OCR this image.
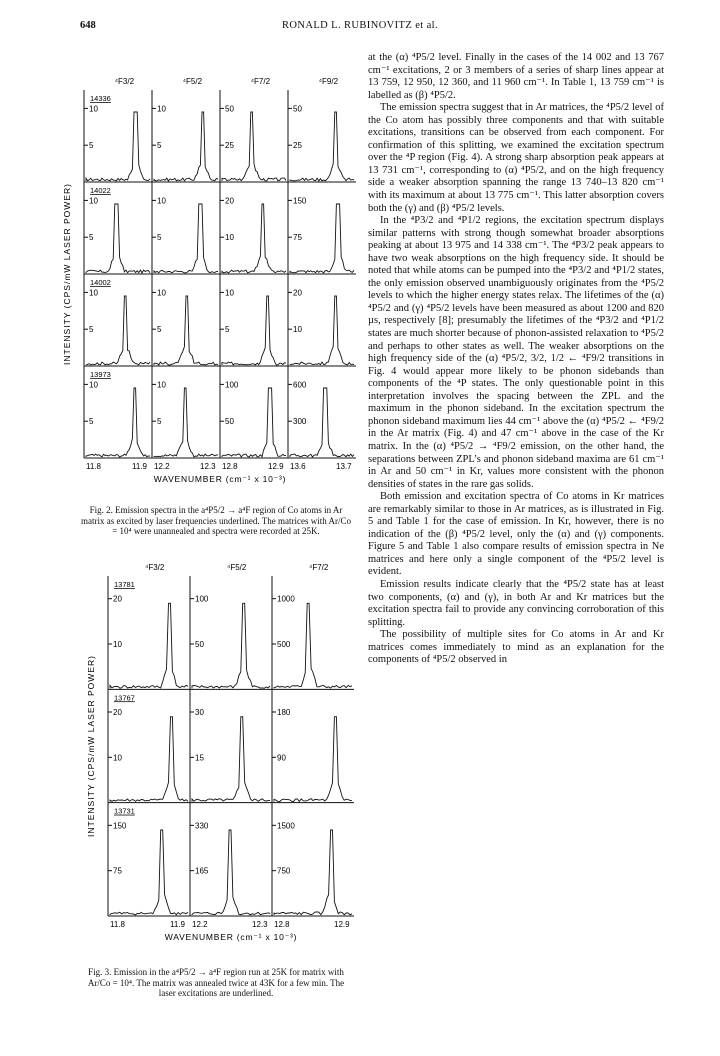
648	RONALD L. RUBINOVITZ et al.
⁴F3/2	⁴F5/2	⁴F7/2	⁴F9/2
INTENSITY (CPS/mW LASER POWER)
10
5
14336
10
5
14022
10
5
14002
10
5
13973
10
5
10
5
10
5
10
5
50
25
20
10
10
5
100
50
50
25
150
75
20
10
600
300
11.8	11.9 12.2	12.3 12.8	12.9 13.6	13.7
WAVENUMBER (cm⁻¹ x 10⁻³)
Fig. 2. Emission spectra in the a⁴P5/2 → a⁴F region of Co atoms in Ar matrix as excited by laser frequencies underlined. The matrices with Ar/Co = 10⁴ were unannealed and spectra were recorded at 25K.
⁴F3/2	⁴F5/2	⁴F7/2
INTENSITY (CPS/mW LASER POWER)
20
10
13781
20
10
13767
150
75
13731
100
50
30
15
330
165
1000
500
180
90
1500
750
11.8	11.9 12.2	12.3 12.8	12.9
WAVENUMBER (cm⁻¹ x 10⁻³)
Fig. 3. Emission in the a⁴P5/2 → a⁴F region run at 25K for matrix with Ar/Co = 10⁴. The matrix was annealed twice at 43K for a few min. The laser excitations are underlined.

at the (α) ⁴P5/2 level. Finally in the cases of the 14 002 and 13 767 cm⁻¹ excitations, 2 or 3 members of a series of sharp lines appear at 13 759, 12 950, 12 360, and 11 960 cm⁻¹. In Table 1, 13 759 cm⁻¹ is labelled as (β) ⁴P5/2.

The emission spectra suggest that in Ar matrices, the ⁴P5/2 level of the Co atom has possibly three components and that with suitable excitations, transitions can be observed from each component. For confirmation of this splitting, we examined the excitation spectrum over the ⁴P region (Fig. 4). A strong sharp absorption peak appears at 13 731 cm⁻¹, corresponding to (α) ⁴P5/2, and on the high frequency side a weaker absorption spanning the range 13 740–13 820 cm⁻¹ with its maximum at about 13 775 cm⁻¹. This latter absorption covers both the (γ) and (β) ⁴P5/2 levels.

In the ⁴P3/2 and ⁴P1/2 regions, the excitation spectrum displays similar patterns with strong though somewhat broader absorptions peaking at about 13 975 and 14 338 cm⁻¹. The ⁴P3/2 peak appears to have two weak absorptions on the high frequency side. It should be noted that while atoms can be pumped into the ⁴P3/2 and ⁴P1/2 states, the only emission observed unambiguously originates from the ⁴P5/2 levels to which the higher energy states relax. The lifetimes of the (α) ⁴P5/2 and (γ) ⁴P5/2 levels have been measured as about 1200 and 820 µs, respectively [8]; presumably the lifetimes of the ⁴P3/2 and ⁴P1/2 states are much shorter because of phonon-assisted relaxation to ⁴P5/2 and perhaps to other states as well. The weaker absorptions on the high frequency side of the (α) ⁴P5/2, 3/2, 1/2 ← ⁴F9/2 transitions in Fig. 4 would appear more likely to be phonon sidebands than components of the ⁴P states. The only questionable point in this interpretation involves the spacing between the ZPL and the maximum in the phonon sideband. In the excitation spectrum the phonon sideband maximum lies 44 cm⁻¹ above the (α) ⁴P5/2 ← ⁴F9/2 in the Ar matrix (Fig. 4) and 47 cm⁻¹ above in the case of the Kr matrix. In the (α) ⁴P5/2 → ⁴F9/2 emission, on the other hand, the separations between ZPL’s and phonon sideband maxima are 61 cm⁻¹ in Ar and 50 cm⁻¹ in Kr, values more consistent with the phonon densities of states in the rare gas solids.

Both emission and excitation spectra of Co atoms in Kr matrices are remarkably similar to those in Ar matrices, as is illustrated in Fig. 5 and Table 1 for the case of emission. In Kr, however, there is no indication of the (β) ⁴P5/2 level, only the (α) and (γ) components. Figure 5 and Table 1 also compare results of emission spectra in Ne matrices and here only a single component of the ⁴P5/2 level is evident.

Emission results indicate clearly that the ⁴P5/2 state has at least two components, (α) and (γ), in both Ar and Kr matrices but the excitation spectra fail to provide any convincing corroboration of this splitting.

The possibility of multiple sites for Co atoms in Ar and Kr matrices comes immediately to mind as an explanation for the components of ⁴P5/2 observed in
